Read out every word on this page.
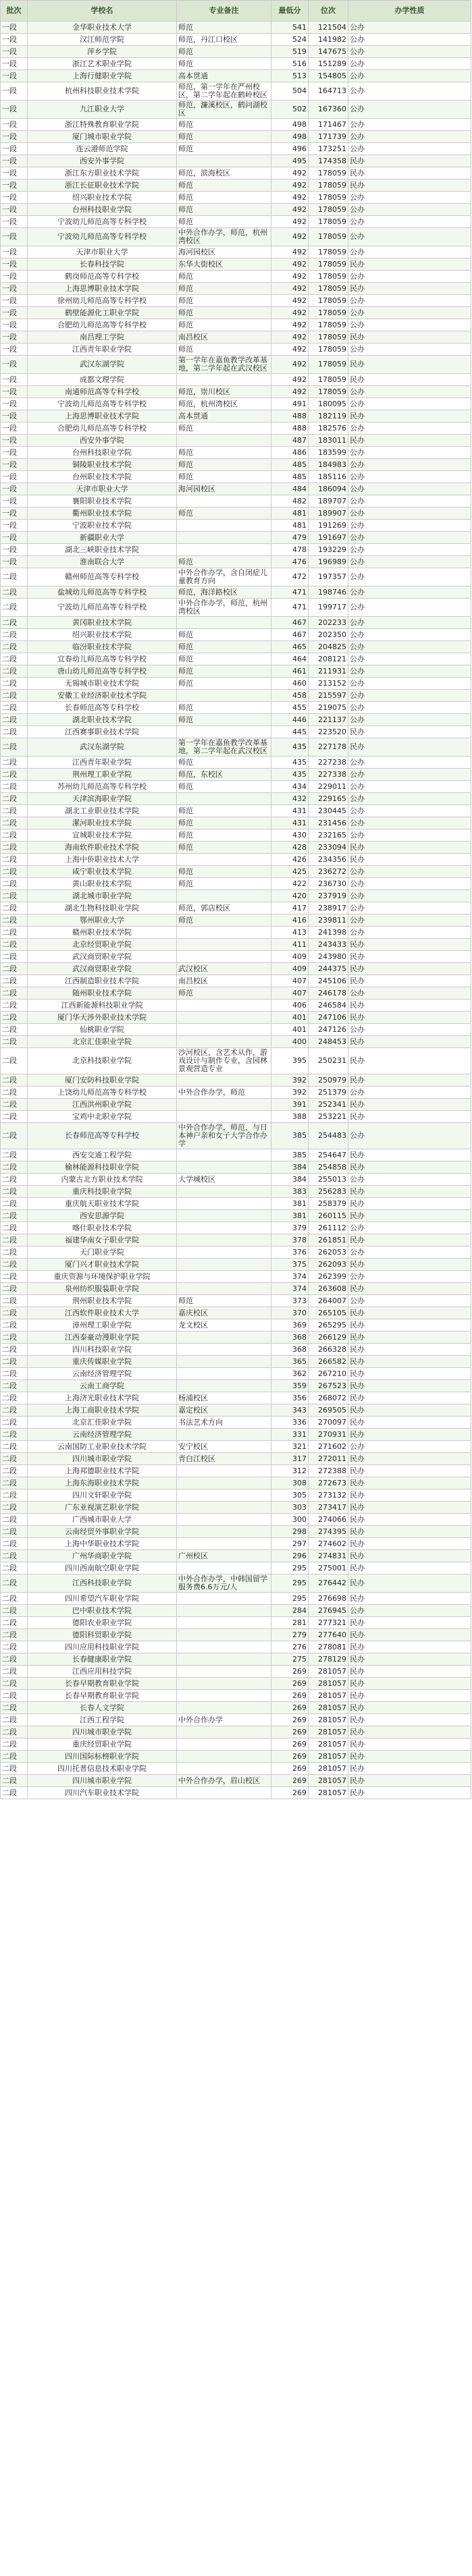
批次	学校名	专业备注	最低分	位次	办学性质
一段	金华职业技术大学	师范	541	121504	公办
一段	汉江师范学院	师范，丹江口校区	524	141982	公办
一段	萍乡学院	师范	519	147675	公办
一段	浙江艺术职业学院	师范	516	151289	公办
一段	上海行健职业学院	高本贯通	513	154805	公办
一段	杭州科技职业技术学院	师范，第一学年在严州校区，第二学年起在鹤岭校区	504	164713	公办
一段	九江职业大学	师范，濂溪校区，鹤问湖校区	502	167360	公办
一段	浙江特殊教育职业学院	师范	498	171467	公办
一段	厦门城市职业学院	师范	498	171739	公办
一段	连云港师范学院	师范	496	173251	公办
一段	西安外事学院		495	174358	民办
一段	浙江东方职业技术学院	师范，滨海校区	492	178059	民办
一段	浙江长征职业技术学院	师范	492	178059	民办
一段	绍兴职业技术学院	师范	492	178059	公办
一段	台州科技职业学院	师范	492	178059	公办
一段	宁波幼儿师范高等专科学校	师范	492	178059	公办
一段	宁波幼儿师范高等专科学校	中外合作办学，师范，杭州湾校区	492	178059	公办
一段	天津市职业大学	海河园校区	492	178059	公办
一段	长春科技学院	东华大街校区	492	178059	民办
一段	鹤岗师范高等专科学校	师范	492	178059	公办
一段	上海思博职业技术学院	师范	492	178059	民办
一段	徐州幼儿师范高等专科学校	师范	492	178059	公办
一段	鹤壁能源化工职业学院	师范	492	178059	公办
一段	合肥幼儿师范高等专科学校	师范	492	178059	公办
一段	南昌理工学院	南昌校区	492	178059	民办
一段	江西青年职业学院	师范	492	178059	公办
一段	武汉东湖学院	第一学年在嘉鱼教学改革基地，第二学年起在武汉校区	492	178059	民办
一段	成都文理学院		492	178059	民办
一段	南通师范高等专科学校	师范，崇川校区	492	178059	公办
一段	宁波幼儿师范高等专科学校	师范，杭州湾校区	491	180095	公办
一段	上海思博职业技术学院	高本贯通	488	182119	民办
一段	合肥幼儿师范高等专科学校	师范	488	182576	公办
一段	西安外事学院		487	183011	民办
一段	台州科技职业学院	师范	486	183599	公办
一段	铜陵职业技术学院	师范	485	184983	公办
一段	台州职业技术学院	师范	485	185116	公办
一段	天津市职业大学	海河园校区	484	186094	公办
一段	襄阳职业技术学院		482	189707	公办
一段	衢州职业技术学院	师范	481	189907	公办
一段	宁波职业技术学院		481	191269	公办
一段	新疆职业大学		479	191697	公办
一段	湖北三峡职业技术学院		478	193229	公办
一段	淮南联合大学	师范	476	196989	公办
二段	赣州师范高等专科学校	中外合作办学，含自闭症儿童教育方向	472	197357	公办
二段	盐城幼儿师范高等专科学校	师范，海洋路校区	471	198746	公办
二段	宁波幼儿师范高等专科学校	中外合作办学，师范，杭州湾校区	471	199717	公办
二段	黄冈职业技术学院		467	202233	公办
二段	绍兴职业技术学院	师范	467	202350	公办
二段	临汾职业技术学院	师范	465	204825	公办
二段	宜春幼儿师范高等专科学校	师范	464	208121	公办
二段	唐山幼儿师范高等专科学校	师范	461	211931	公办
二段	无锡城市职业技术学院	师范	460	213152	公办
二段	安徽工业经济职业技术学院		458	215597	公办
二段	长春师范高等专科学校	师范	455	219075	公办
二段	湖北职业技术学院	师范	446	221137	公办
二段	江西赛事职业技术学院		445	223520	民办
二段	武汉东湖学院	第一学年在嘉鱼教学改革基地，第二学年起在武汉校区	435	227178	民办
二段	江西青年职业学院	师范	435	227238	公办
二段	荆州理工职业学院	师范，东校区	435	227338	公办
二段	苏州幼儿师范高等专科学校	师范	434	229011	公办
二段	天津滨海职业学院		432	229165	公办
二段	湖北工业职业技术学院	师范	431	230445	公办
二段	漯河职业技术学院	师范	431	231456	公办
二段	宣城职业技术学院	师范	430	232165	公办
二段	海南软件职业技术学院	师范	428	233094	民办
二段	上海中侨职业技术大学		426	234356	民办
二段	咸宁职业技术学院	师范	425	236272	公办
二段	黄山职业技术学院	师范	422	236730	公办
二段	湖北城市职业学院		420	237919	公办
二段	湖北生物科技职业学院	师范，郭店校区	417	238917	公办
二段	鄂州职业大学	师范	416	239811	公办
二段	赣州职业技术学院		413	241398	公办
二段	北京经贸职业学院		411	243433	民办
二段	武汉商贸职业学院		409	243980	民办
二段	武汉商贸职业学院	武汉校区	409	244375	民办
二段	江西制造职业技术学院	南昌校区	407	245106	民办
二段	随州职业技术学院	师范	407	246178	公办
二段	江西新能源科技职业学院		406	246584	民办
二段	厦门华天涉外职业技术学院		401	247106	民办
二段	仙桃职业学院		401	247126	公办
二段	北京汇佳职业学院		400	248453	民办
二段	北京科技职业学院	沙河校区，含艺术从作，游戏设计与制作专业，含园林景观营造专业	395	250231	民办
二段	厦门安防科技职业学院		392	250979	民办
二段	上饶幼儿师范高等专科学校	中外合作办学，师范	392	251379	公办
二段	江西洪州职业学院		391	252341	民办
二段	宝鸡中北职业学院		388	253221	民办
二段	长春师范高等专科学校	中外合作办学，师范，与日本神户亲和女子大学合作办学	385	254483	公办
二段	西安交通工程学院		385	254647	民办
二段	榆林能源科技职业学院		384	254858	民办
二段	内蒙古北方职业技术学院	大学城校区	384	255013	公办
二段	重庆科技职业学院		383	256283	民办
二段	重庆航天职业技术学院		381	258379	民办
二段	西安思源学院		381	260115	民办
二段	喀什职业技术学院		379	261112	公办
二段	福建华南女子职业学院		378	261851	民办
二段	天门职业学院		376	262053	公办
二段	厦门兴才职业技术学院		375	262093	民办
二段	重庆资源与环境保护职业学院		374	262399	公办
二段	泉州纺织服装职业学院		374	263608	民办
二段	荆州职业技术学院	师范	373	264007	公办
二段	江西软件职业技术大学	嘉庆校区	370	265105	民办
二段	漳州理工职业学院	龙文校区	369	265295	民办
二段	江西泰豪动漫职业学院		368	266129	民办
二段	四川科技职业学院		368	266328	民办
二段	重庆传媒职业学院		365	266582	民办
二段	云南经济管理学院		362	267210	民办
二段	云南工商学院		359	267523	民办
二段	上海济光职业技术学院	杨浦校区	356	268072	民办
二段	上海工商职业技术学院	嘉定校区	343	269505	民办
二段	北京汇佳职业学院	书法艺术方向	336	270097	民办
二段	云南经济管理学院		331	270931	民办
二段	云南国防工业职业技术学院	安宁校区	321	271602	公办
二段	四川城市职业学院	青白江校区	317	272011	民办
二段	上海邦德职业技术学院		312	272388	民办
二段	上海东海职业技术学院		308	272673	民办
二段	四川文轩职业学院		305	273132	民办
二段	广东亚视演艺职业学院		303	273417	民办
二段	广西城市职业大学		300	274066	民办
二段	云南经贸外事职业学院		298	274395	民办
二段	上海中华职业技术学院		297	274602	民办
二段	广州华商职业学院	广州校区	296	274831	民办
二段	四川西南航空职业学院		295	275001	民办
二段	江西科技职业学院	中外合作办学，中韩国留学服务费6.6万元/人	295	276442	民办
二段	四川希望汽车职业学院		295	276698	民办
二段	巴中职业技术学院		284	276945	公办
二段	德阳农业职业学院		281	277321	民办
二段	德阳科贸职业学院		279	277640	民办
二段	四川应用科技职业学院		276	278081	民办
二段	长春健康职业学院		275	278129	民办
二段	江西应用科技学院		269	281057	民办
二段	长春早期教育职业学院		269	281057	民办
二段	长春早期教育职业学院		269	281057	民办
二段	长春人文学院		269	281057	民办
二段	江西工程学院	中外合作办学	269	281057	民办
二段	四川城市职业学院		269	281057	民办
二段	重庆经贸职业学院		269	281057	民办
二段	四川国际标榜职业学院		269	281057	民办
二段	四川托普信息技术职业学院		269	281057	民办
二段	四川城市职业学院	中外合作办学，眉山校区	269	281057	民办
二段	四川汽车职业技术学院		269	281057	民办
